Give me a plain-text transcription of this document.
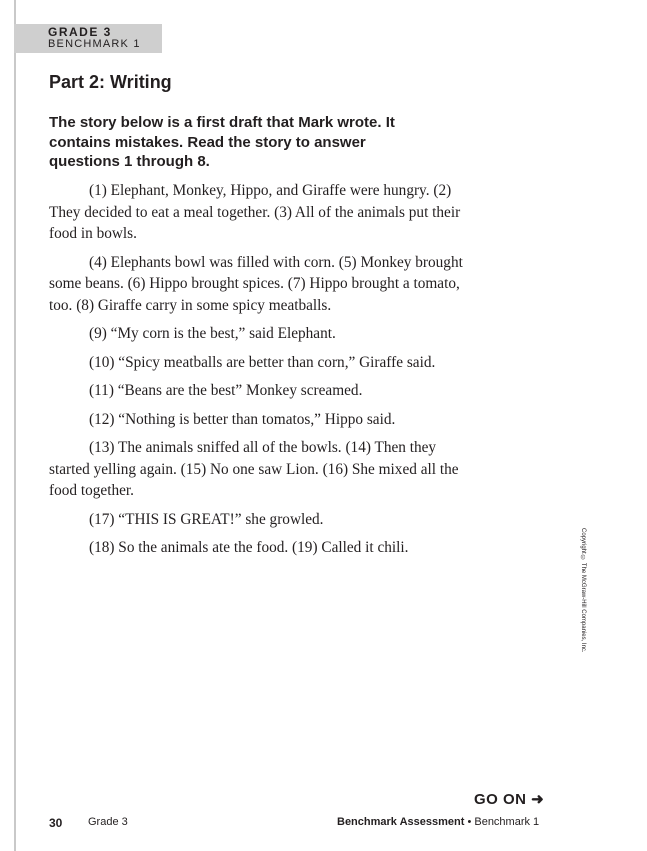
GRADE 3
BENCHMARK 1
Part 2: Writing

The story below is a first draft that Mark wrote. It contains mistakes. Read the story to answer questions 1 through 8.

(1) Elephant, Monkey, Hippo, and Giraffe were hungry. (2) They decided to eat a meal together. (3) All of the animals put their food in bowls.

(4) Elephants bowl was filled with corn. (5) Monkey brought some beans. (6) Hippo brought spices. (7) Hippo brought a tomato, too. (8) Giraffe carry in some spicy meatballs.

(9) “My corn is the best,” said Elephant.

(10) “Spicy meatballs are better than corn,” Giraffe said.

(11) “Beans are the best” Monkey screamed.

(12) “Nothing is better than tomatos,” Hippo said.

(13) The animals sniffed all of the bowls. (14) Then they started yelling again. (15) No one saw Lion. (16) She mixed all the food together.

(17) “THIS IS GREAT!” she growled.

(18) So the animals ate the food. (19) Called it chili.	Copyright © The McGraw-Hill Companies, Inc.
GO ON ➜
30 Grade 3	Benchmark Assessment • Benchmark 1
